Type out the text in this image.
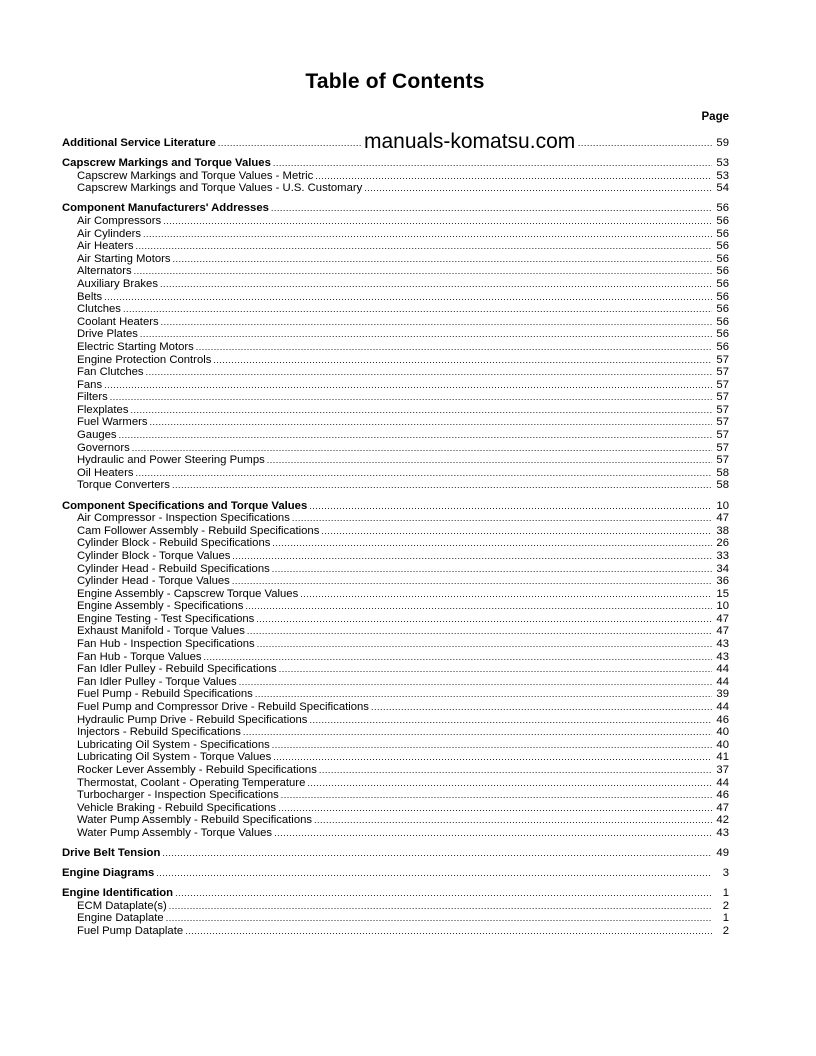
Table of Contents
Page
Additional Service Literature .....	59
Capscrew Markings and Torque Values .....	53
Capscrew Markings and Torque Values - Metric .....	53
Capscrew Markings and Torque Values - U.S. Customary .....	54
Component Manufacturers' Addresses .....	56
Air Compressors .....	56
Air Cylinders .....	56
Air Heaters .....	56
Air Starting Motors .....	56
Alternators .....	56
Auxiliary Brakes .....	56
Belts .....	56
Clutches .....	56
Coolant Heaters .....	56
Drive Plates .....	56
Electric Starting Motors .....	56
Engine Protection Controls .....	57
Fan Clutches .....	57
Fans .....	57
Filters .....	57
Flexplates .....	57
Fuel Warmers .....	57
Gauges .....	57
Governors .....	57
Hydraulic and Power Steering Pumps .....	57
Oil Heaters .....	58
Torque Converters .....	58
Component Specifications and Torque Values .....	10
Air Compressor - Inspection Specifications .....	47
Cam Follower Assembly - Rebuild Specifications .....	38
Cylinder Block - Rebuild Specifications .....	26
Cylinder Block - Torque Values .....	33
Cylinder Head - Rebuild Specifications .....	34
Cylinder Head - Torque Values .....	36
Engine Assembly - Capscrew Torque Values .....	15
Engine Assembly - Specifications .....	10
Engine Testing - Test Specifications .....	47
Exhaust Manifold - Torque Values .....	47
Fan Hub - Inspection Specifications .....	43
Fan Hub - Torque Values .....	43
Fan Idler Pulley - Rebuild Specifications .....	44
Fan Idler Pulley - Torque Values .....	44
Fuel Pump - Rebuild Specifications .....	39
Fuel Pump and Compressor Drive - Rebuild Specifications .....	44
Hydraulic Pump Drive - Rebuild Specifications .....	46
Injectors - Rebuild Specifications .....	40
Lubricating Oil System - Specifications .....	40
Lubricating Oil System - Torque Values .....	41
Rocker Lever Assembly - Rebuild Specifications .....	37
Thermostat, Coolant - Operating Temperature .....	44
Turbocharger - Inspection Specifications .....	46
Vehicle Braking - Rebuild Specifications .....	47
Water Pump Assembly - Rebuild Specifications .....	42
Water Pump Assembly - Torque Values .....	43
Drive Belt Tension .....	49
Engine Diagrams .....	3
Engine Identification .....	1
ECM Dataplate(s) .....	2
Engine Dataplate .....	1
Fuel Pump Dataplate .....	2
manuals-komatsu.com
